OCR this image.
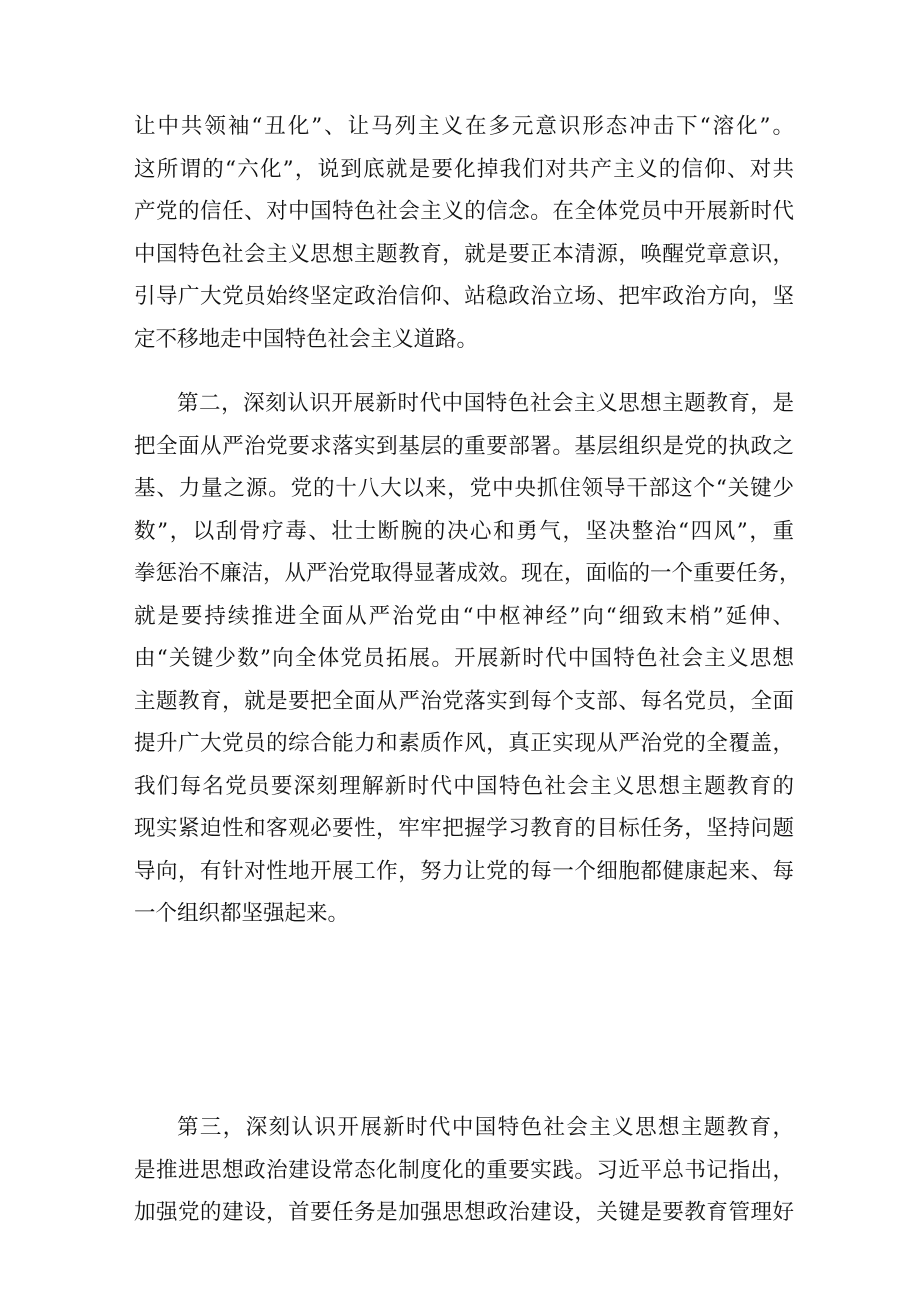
让中共领袖“丑化”、让马列主义在多元意识形态冲击下“溶化”。
这所谓的“六化”，说到底就是要化掉我们对共产主义的信仰、对共
产党的信任、对中国特色社会主义的信念。在全体党员中开展新时代
中国特色社会主义思想主题教育，就是要正本清源，唤醒党章意识，
引导广大党员始终坚定政治信仰、站稳政治立场、把牢政治方向，坚
定不移地走中国特色社会主义道路。
第二，深刻认识开展新时代中国特色社会主义思想主题教育，是
把全面从严治党要求落实到基层的重要部署。基层组织是党的执政之
基、力量之源。党的十八大以来，党中央抓住领导干部这个“关键少
数”，以刮骨疗毒、壮士断腕的决心和勇气，坚决整治“四风”，重
拳惩治不廉洁，从严治党取得显著成效。现在，面临的一个重要任务，
就是要持续推进全面从严治党由“中枢神经”向“细致末梢”延伸、
由“关键少数”向全体党员拓展。开展新时代中国特色社会主义思想
主题教育，就是要把全面从严治党落实到每个支部、每名党员，全面
提升广大党员的综合能力和素质作风，真正实现从严治党的全覆盖，
我们每名党员要深刻理解新时代中国特色社会主义思想主题教育的
现实紧迫性和客观必要性，牢牢把握学习教育的目标任务，坚持问题
导向，有针对性地开展工作，努力让党的每一个细胞都健康起来、每
一个组织都坚强起来。
第三，深刻认识开展新时代中国特色社会主义思想主题教育，
是推进思想政治建设常态化制度化的重要实践。习近平总书记指出，
加强党的建设，首要任务是加强思想政治建设，关键是要教育管理好
